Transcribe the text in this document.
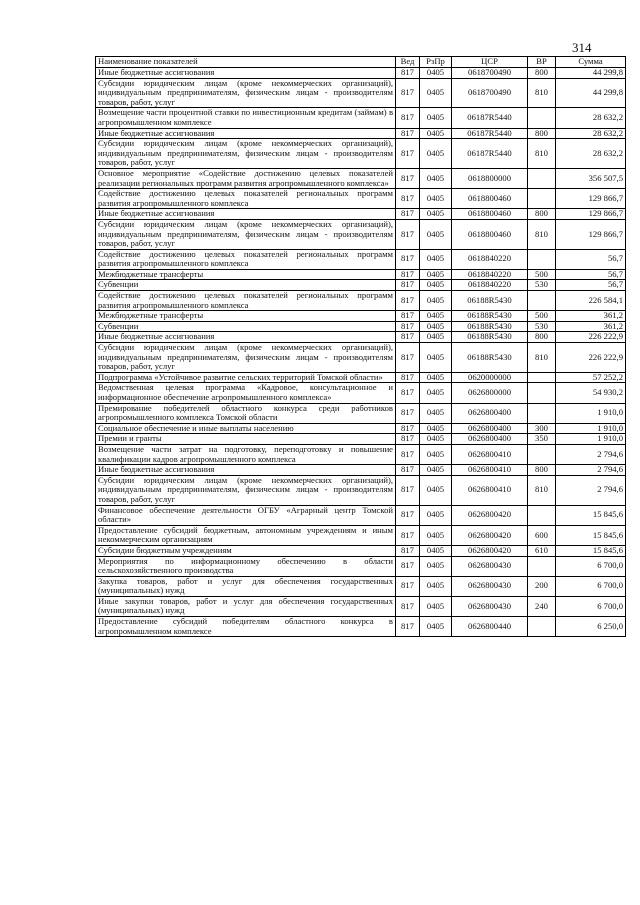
314
Наименование показателей	Вед	РзПр	ЦСР	ВР	Сумма
Иные бюджетные ассигнования	817	0405	0618700490	800	44 299,8
Субсидии юридическим лицам (кроме некоммерческих организаций), индивидуальным предпринимателям, физическим лицам - производителям товаров, работ, услуг	817	0405	0618700490	810	44 299,8
Возмещение части процентной ставки по инвестиционным кредитам (займам) в агропромышленном комплексе	817	0405	06187R5440		28 632,2
Иные бюджетные ассигнования	817	0405	06187R5440	800	28 632,2
Субсидии юридическим лицам (кроме некоммерческих организаций), индивидуальным предпринимателям, физическим лицам - производителям товаров, работ, услуг	817	0405	06187R5440	810	28 632,2
Основное мероприятие «Содействие достижению целевых показателей реализации региональных программ развития агропромышленного комплекса»	817	0405	0618800000		356 507,5
Содействие достижению целевых показателей региональных программ развития агропромышленного комплекса	817	0405	0618800460		129 866,7
Иные бюджетные ассигнования	817	0405	0618800460	800	129 866,7
Субсидии юридическим лицам (кроме некоммерческих организаций), индивидуальным предпринимателям, физическим лицам - производителям товаров, работ, услуг	817	0405	0618800460	810	129 866,7
Содействие достижению целевых показателей региональных программ развития агропромышленного комплекса	817	0405	0618840220		56,7
Межбюджетные трансферты	817	0405	0618840220	500	56,7
Субвенции	817	0405	0618840220	530	56,7
Содействие достижению целевых показателей региональных программ развития агропромышленного комплекса	817	0405	06188R5430		226 584,1
Межбюджетные трансферты	817	0405	06188R5430	500	361,2
Субвенции	817	0405	06188R5430	530	361,2
Иные бюджетные ассигнования	817	0405	06188R5430	800	226 222,9
Субсидии юридическим лицам (кроме некоммерческих организаций), индивидуальным предпринимателям, физическим лицам - производителям товаров, работ, услуг	817	0405	06188R5430	810	226 222,9
Подпрограмма «Устойчивое развитие сельских территорий Томской области»	817	0405	0620000000		57 252,2
Ведомственная целевая программа «Кадровое, консультационное и информационное обеспечение агропромышленного комплекса»	817	0405	0626800000		54 930,2
Премирование победителей областного конкурса среди работников агропромышленного комплекса Томской области	817	0405	0626800400		1 910,0
Социальное обеспечение и иные выплаты населению	817	0405	0626800400	300	1 910,0
Премии и гранты	817	0405	0626800400	350	1 910,0
Возмещение части затрат на подготовку, переподготовку и повышение квалификации кадров агропромышленного комплекса	817	0405	0626800410		2 794,6
Иные бюджетные ассигнования	817	0405	0626800410	800	2 794,6
Субсидии юридическим лицам (кроме некоммерческих организаций), индивидуальным предпринимателям, физическим лицам - производителям товаров, работ, услуг	817	0405	0626800410	810	2 794,6
Финансовое обеспечение деятельности ОГБУ «Аграрный центр Томской области»	817	0405	0626800420		15 845,6
Предоставление субсидий бюджетным, автономным учреждениям и иным некоммерческим организациям	817	0405	0626800420	600	15 845,6
Субсидии бюджетным учреждениям	817	0405	0626800420	610	15 845,6
Мероприятия по информационному обеспечению в области сельскохозяйственного производства	817	0405	0626800430		6 700,0
Закупка товаров, работ и услуг для обеспечения государственных (муниципальных) нужд	817	0405	0626800430	200	6 700,0
Иные закупки товаров, работ и услуг для обеспечения государственных (муниципальных) нужд	817	0405	0626800430	240	6 700,0
Предоставление субсидий победителям областного конкурса в агропромышленном комплексе	817	0405	0626800440		6 250,0
